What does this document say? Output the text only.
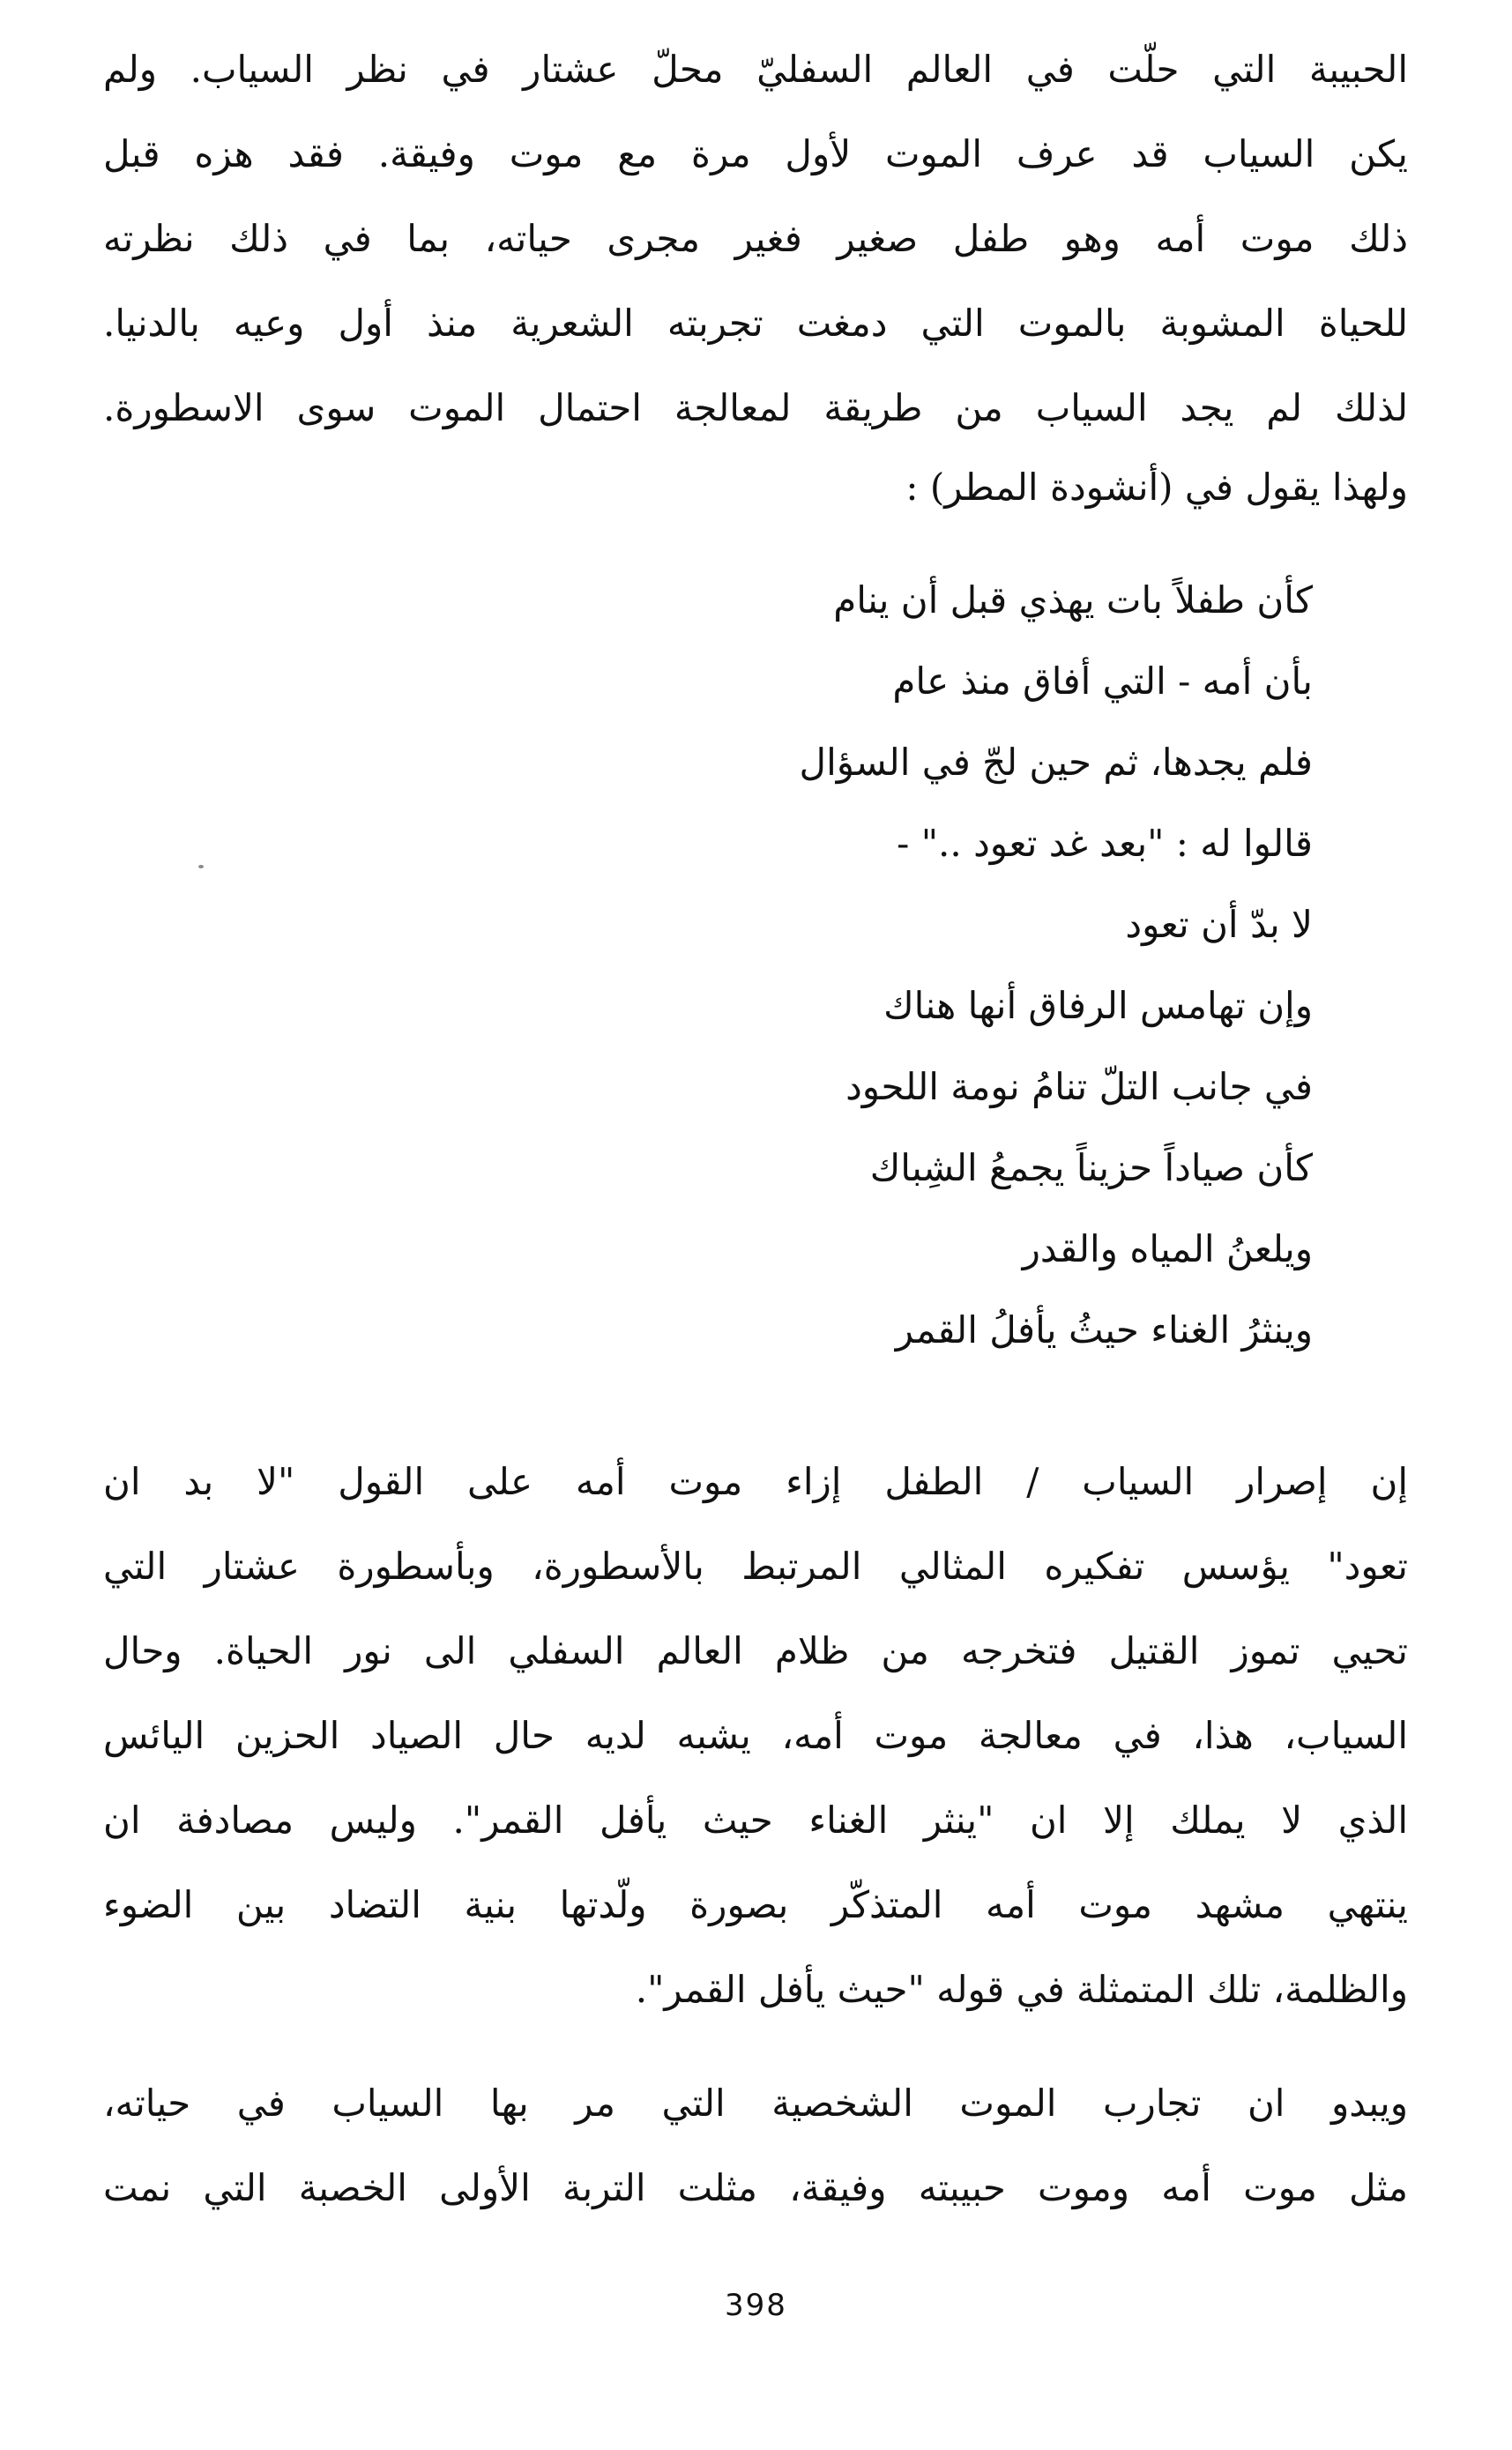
الحبيبة التي حلّت في العالم السفليّ محلّ عشتار في نظر السياب. ولم
يكن السياب قد عرف الموت لأول مرة مع موت وفيقة. فقد هزه قبل
ذلك موت أمه وهو طفل صغير فغير مجرى حياته، بما في ذلك نظرته
للحياة المشوبة بالموت التي دمغت تجربته الشعرية منذ أول وعيه بالدنيا.
لذلك لم يجد السياب من طريقة لمعالجة احتمال الموت سوى الاسطورة.
ولهذا يقول في (أنشودة المطر) :
كأن طفلاً بات يهذي قبل أن ينام
بأن أمه - التي أفاق منذ عام
فلم يجدها، ثم حين لجّ في السؤال
قالوا له : "بعد غد تعود .." -
لا بدّ أن تعود
وإن تهامس الرفاق أنها هناك
في جانب التلّ تنامُ نومة اللحود
كأن صياداً حزيناً يجمعُ الشِباك
ويلعنُ المياه والقدر
وينثرُ الغناء حيثُ يأفلُ القمر
إن إصرار السياب / الطفل إزاء موت أمه على القول "لا بد ان
تعود" يؤسس تفكيره المثالي المرتبط بالأسطورة، وبأسطورة عشتار التي
تحيي تموز القتيل فتخرجه من ظلام العالم السفلي الى نور الحياة. وحال
السياب، هذا، في معالجة موت أمه، يشبه لديه حال الصياد الحزين اليائس
الذي لا يملك إلا ان "ينثر الغناء حيث يأفل القمر". وليس مصادفة ان
ينتهي مشهد موت أمه المتذكّر بصورة ولّدتها بنية التضاد بين الضوء
والظلمة، تلك المتمثلة في قوله "حيث يأفل القمر".
ويبدو ان تجارب الموت الشخصية التي مر بها السياب في حياته،
مثل موت أمه وموت حبيبته وفيقة، مثلت التربة الأولى الخصبة التي نمت
398
